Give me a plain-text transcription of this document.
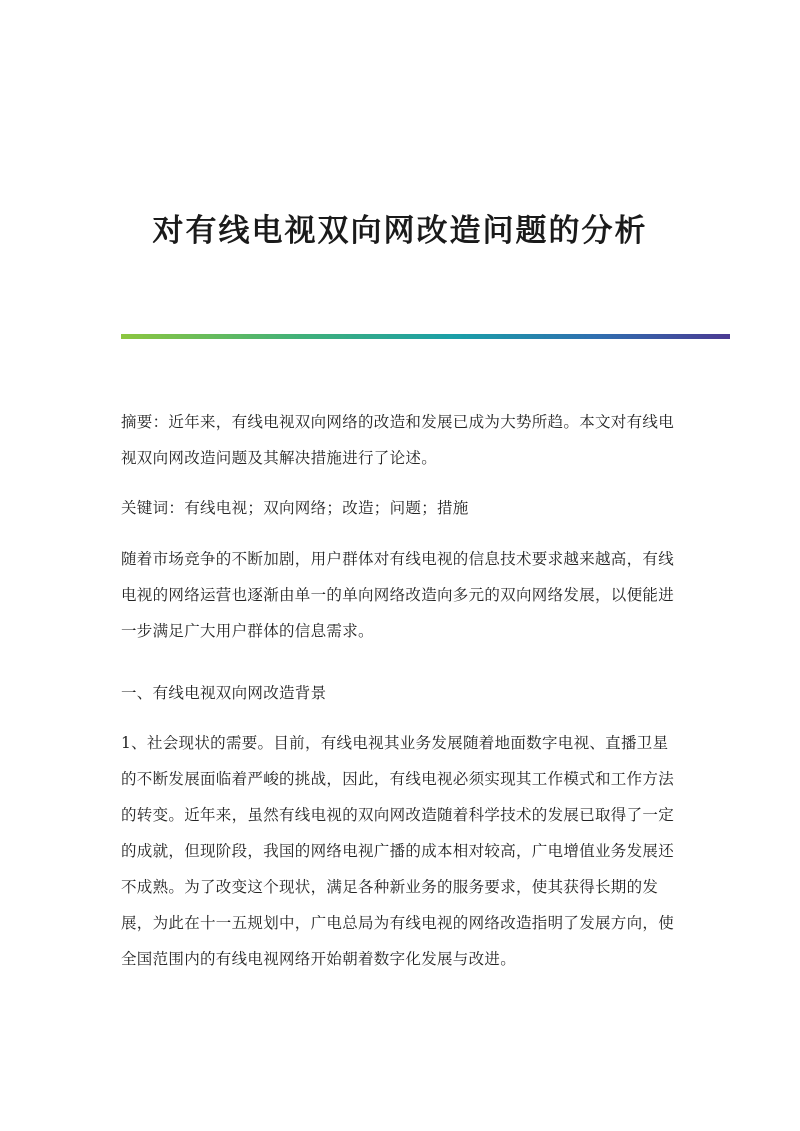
对有线电视双向网改造问题的分析

摘要：近年来，有线电视双向网络的改造和发展已成为大势所趋。本文对有线电视双向网改造问题及其解决措施进行了论述。

关键词：有线电视；双向网络；改造；问题；措施

随着市场竞争的不断加剧，用户群体对有线电视的信息技术要求越来越高，有线电视的网络运营也逐渐由单一的单向网络改造向多元的双向网络发展，以便能进一步满足广大用户群体的信息需求。

一、有线电视双向网改造背景

1、社会现状的需要。目前，有线电视其业务发展随着地面数字电视、直播卫星的不断发展面临着严峻的挑战，因此，有线电视必须实现其工作模式和工作方法的转变。近年来，虽然有线电视的双向网改造随着科学技术的发展已取得了一定的成就，但现阶段，我国的网络电视广播的成本相对较高，广电增值业务发展还不成熟。为了改变这个现状，满足各种新业务的服务要求，使其获得长期的发展，为此在十一五规划中，广电总局为有线电视的网络改造指明了发展方向，使全国范围内的有线电视网络开始朝着数字化发展与改进。
